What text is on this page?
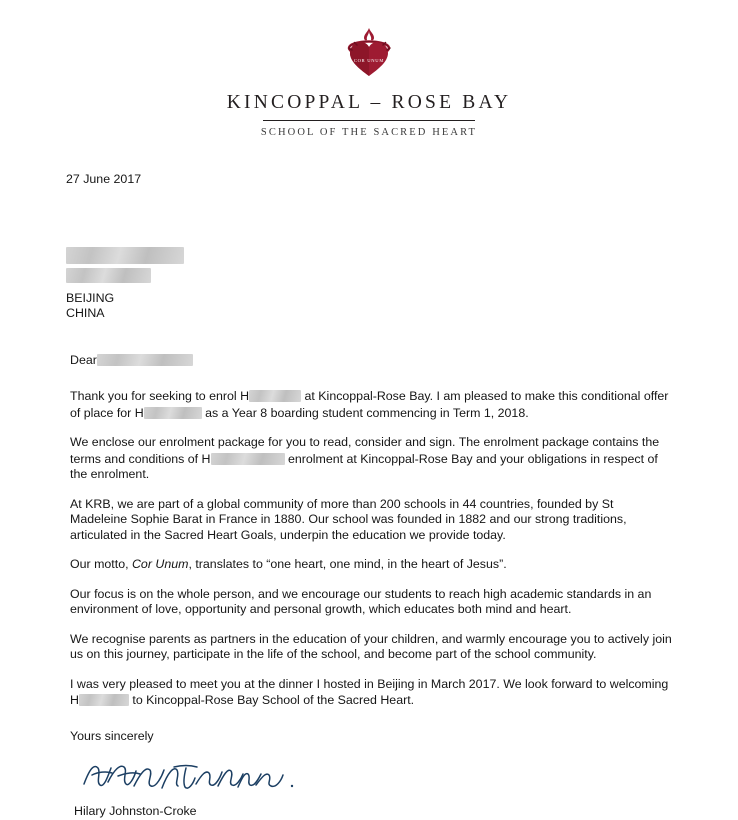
COR UNUM
KINCOPPAL – ROSE BAY
SCHOOL OF THE SACRED HEART
27 June 2017
BEIJING
CHINA
Dear

Thank you for seeking to enrol H	at Kincoppal-Rose Bay. I am pleased to make this conditional offer of place for H	as a Year 8 boarding student commencing in Term 1, 2018.

We enclose our enrolment package for you to read, consider and sign. The enrolment package contains the terms and conditions of H	enrolment at Kincoppal-Rose Bay and your obligations in respect of the enrolment.

At KRB, we are part of a global community of more than 200 schools in 44 countries, founded by St Madeleine Sophie Barat in France in 1880. Our school was founded in 1882 and our strong traditions, articulated in the Sacred Heart Goals, underpin the education we provide today.

Our motto, Cor Unum, translates to “one heart, one mind, in the heart of Jesus”.

Our focus is on the whole person, and we encourage our students to reach high academic standards in an environment of love, opportunity and personal growth, which educates both mind and heart.

We recognise parents as partners in the education of your children, and warmly encourage you to actively join us on this journey, participate in the life of the school, and become part of the school community.

I was very pleased to meet you at the dinner I hosted in Beijing in March 2017. We look forward to welcoming H	to Kincoppal-Rose Bay School of the Sacred Heart.

Yours sincerely
Hilary Johnston-Croke
